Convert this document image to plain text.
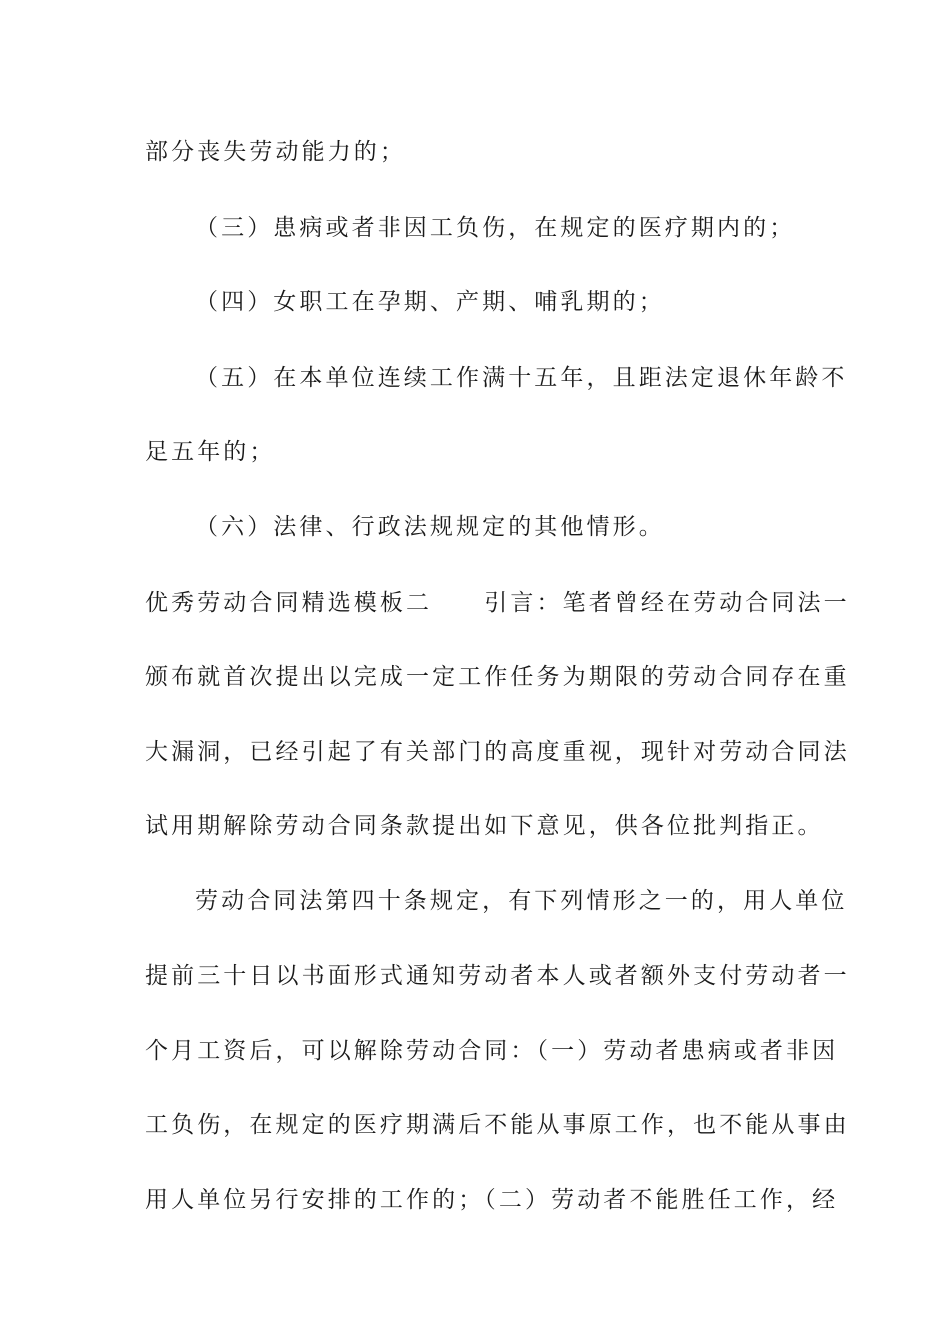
部分丧失劳动能力的；
（三）患病或者非因工负伤，在规定的医疗期内的；
（四）女职工在孕期、产期、哺乳期的；
（五）在本单位连续工作满十五年，且距法定退休年龄不
足五年的；
（六）法律、行政法规规定的其他情形。
优秀劳动合同精选模板二　　引言：笔者曾经在劳动合同法一
颁布就首次提出以完成一定工作任务为期限的劳动合同存在重
大漏洞，已经引起了有关部门的高度重视，现针对劳动合同法
试用期解除劳动合同条款提出如下意见，供各位批判指正。
劳动合同法第四十条规定，有下列情形之一的，用人单位
提前三十日以书面形式通知劳动者本人或者额外支付劳动者一
个月工资后，可以解除劳动合同：（一）劳动者患病或者非因
工负伤，在规定的医疗期满后不能从事原工作，也不能从事由
用人单位另行安排的工作的；（二）劳动者不能胜任工作，经
